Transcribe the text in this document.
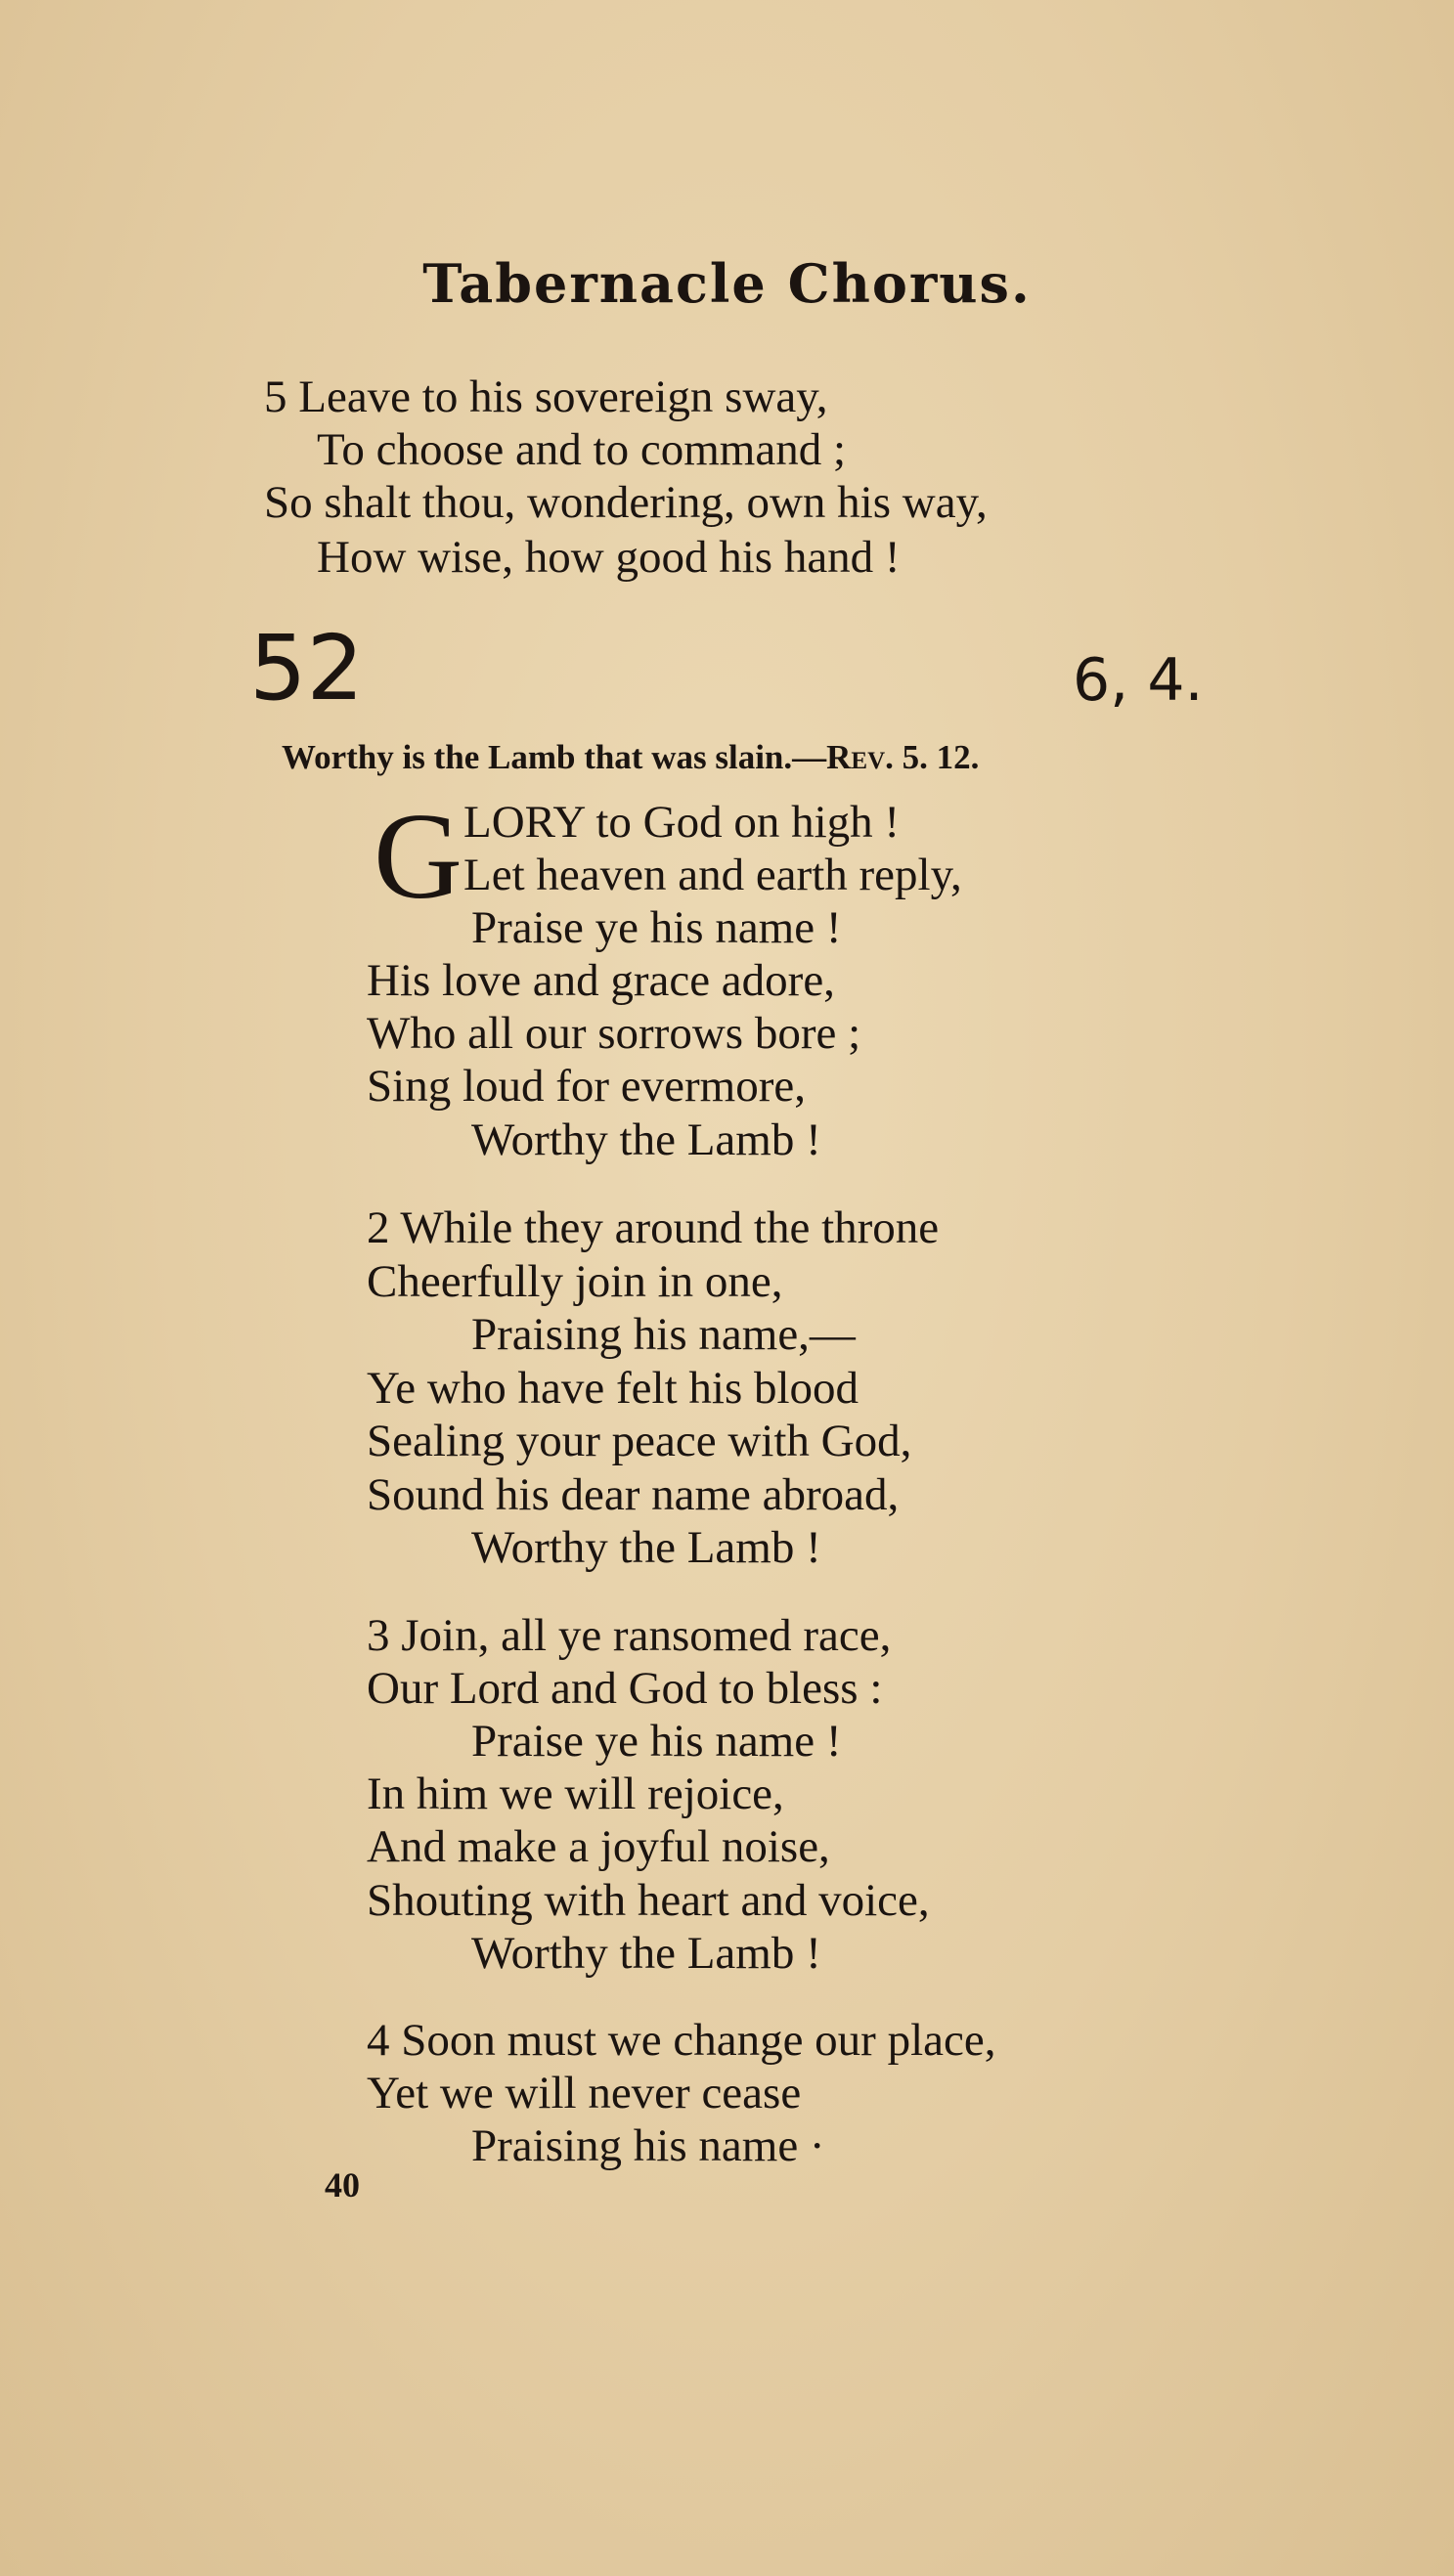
Tabernacle Chorus.
5 Leave to his sovereign sway,
To choose and to command ;
So shalt thou, wondering, own his way,
How wise, how good his hand !
52	6, 4.
Worthy is the Lamb that was slain.—Rev. 5. 12.
G LORY to God on high !
Let heaven and earth reply,
Praise ye his name !
His love and grace adore,
Who all our sorrows bore ;
Sing loud for evermore,
Worthy the Lamb !
2 While they around the throne
Cheerfully join in one,
Praising his name,—
Ye who have felt his blood
Sealing your peace with God,
Sound his dear name abroad,
Worthy the Lamb !
3 Join, all ye ransomed race,
Our Lord and God to bless :
Praise ye his name !
In him we will rejoice,
And make a joyful noise,
Shouting with heart and voice,
Worthy the Lamb !
4 Soon must we change our place,
Yet we will never cease
Praising his name ·
40
